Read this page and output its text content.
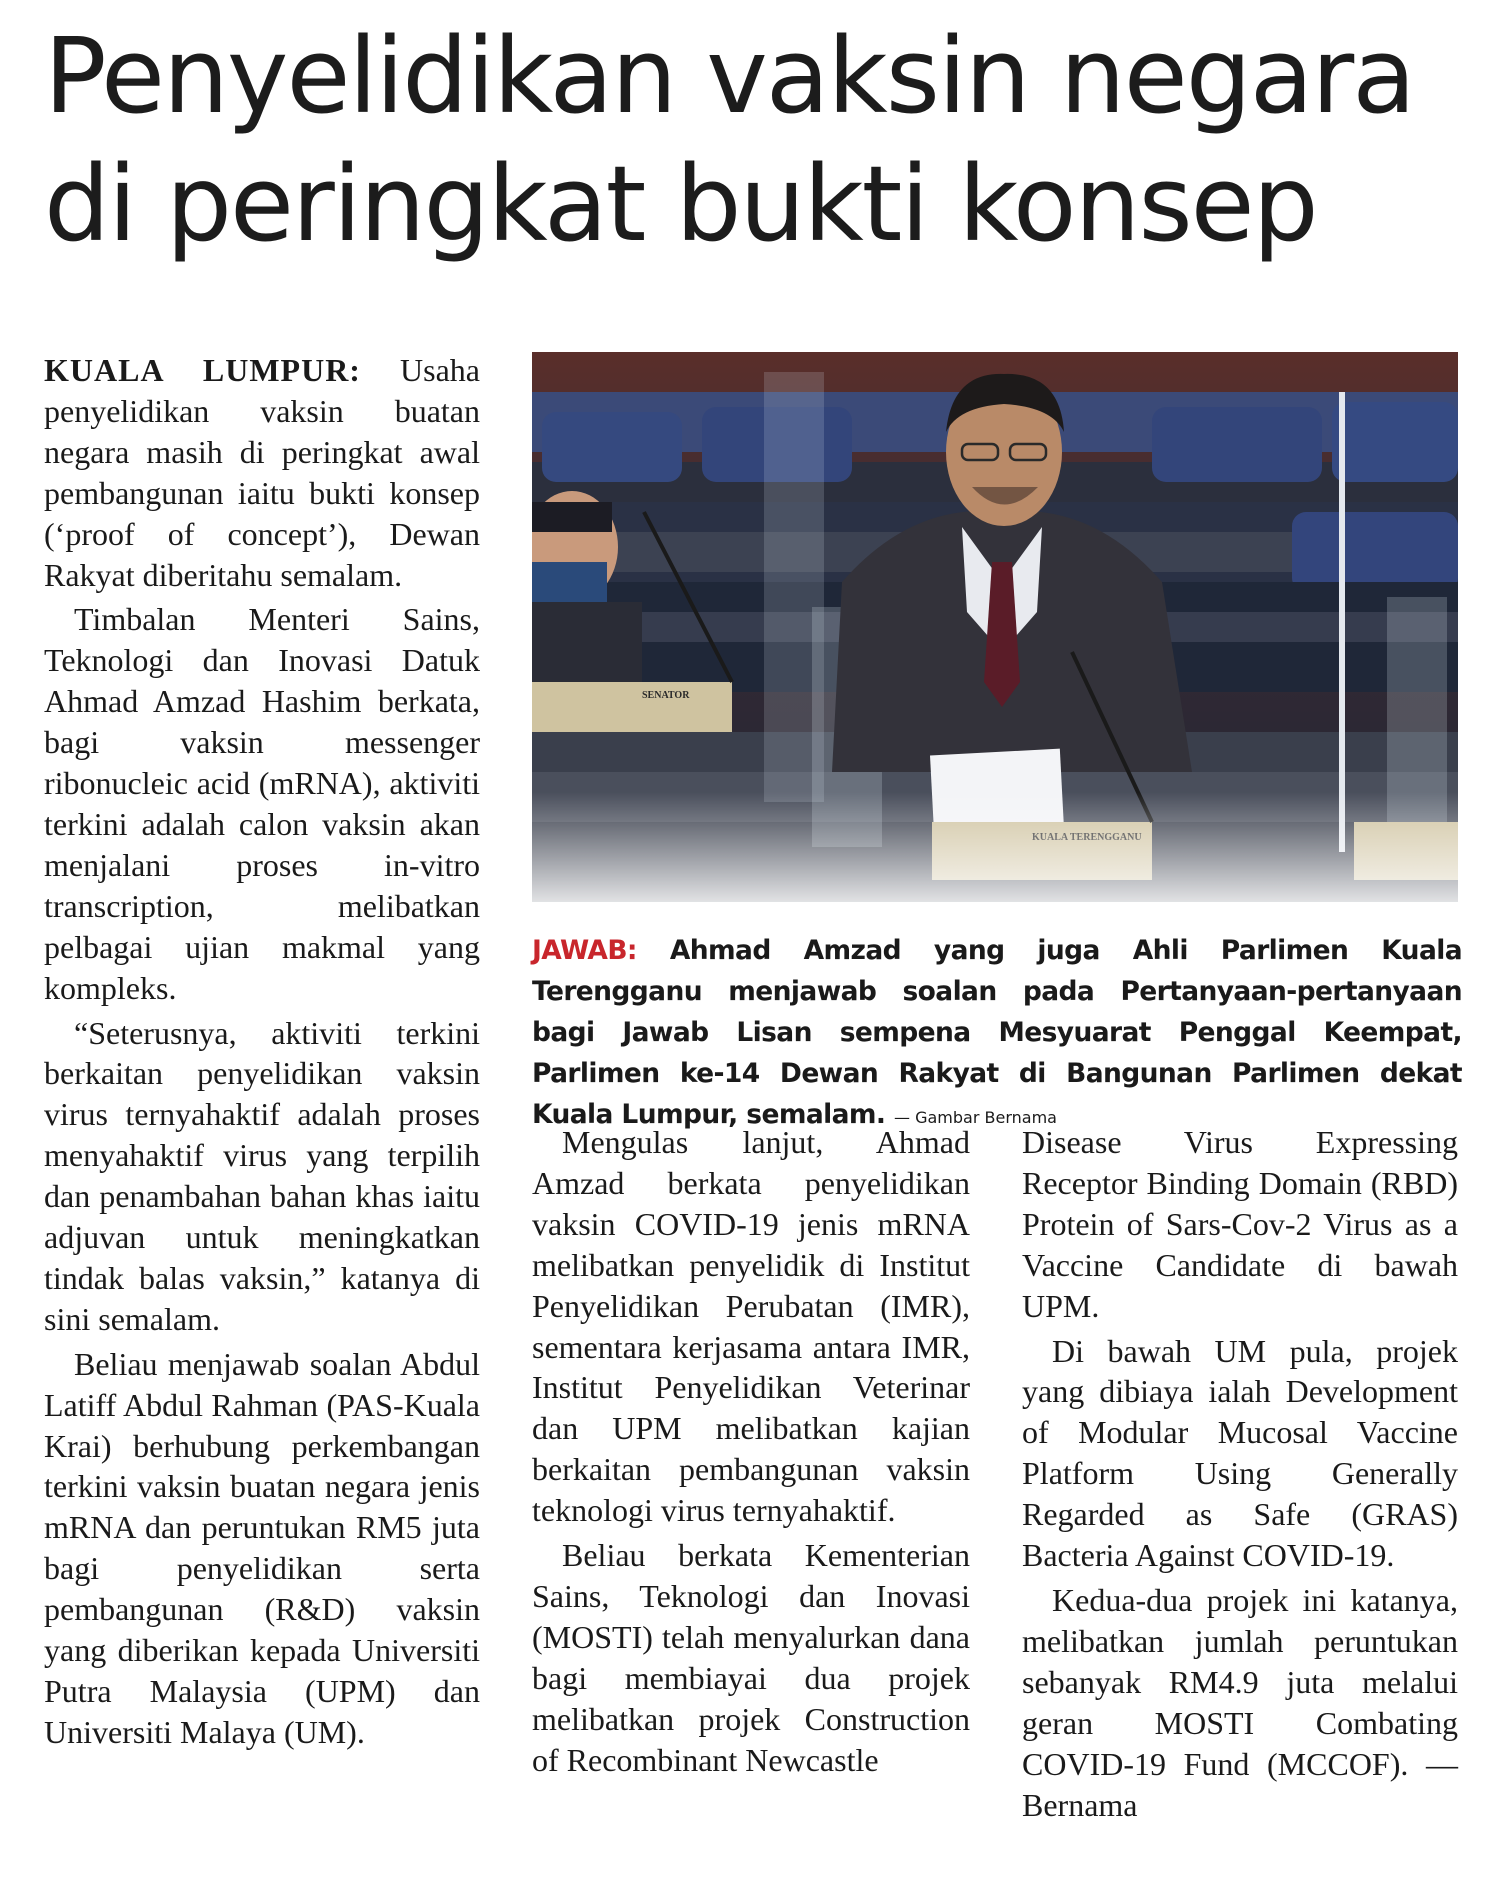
Penyelidikan vaksin negara
di peringkat bukti konsep

KUALA LUMPUR: Usaha penyelidikan vaksin buatan negara masih di peringkat awal pembangunan iaitu bukti konsep (‘proof of concept’), Dewan Rakyat diberitahu semalam.

Timbalan Menteri Sains, Teknologi dan Inovasi Datuk Ahmad Amzad Hashim berkata, bagi vaksin messenger ribonucleic acid (mRNA), aktiviti terkini adalah calon vaksin akan menjalani proses in-vitro transcription, melibatkan pelbagai ujian makmal yang kompleks.

“Seterusnya, aktiviti terkini berkaitan penyelidikan vaksin virus ternyahaktif adalah proses menyahaktif virus yang terpilih dan penambahan bahan khas iaitu adjuvan untuk meningkatkan tindak balas vaksin,” katanya di sini semalam.

Beliau menjawab soalan Abdul Latiff Abdul Rahman (PAS-Kuala Krai) berhubung perkembangan terkini vaksin buatan negara jenis mRNA dan peruntukan RM5 juta bagi penyelidikan serta pembangunan (R&D) vaksin yang diberikan kepada Universiti Putra Malaysia (UPM) dan Universiti Malaya (UM).

SENATOR
JAWAB: Ahmad Amzad yang juga Ahli Parlimen Kuala Terengganu menjawab soalan pada Pertanyaan-pertanyaan bagi Jawab Lisan sempena Mesyuarat Penggal Keempat, Parlimen ke-14 Dewan Rakyat di Bangunan Parlimen dekat Kuala Lumpur, semalam. — Gambar Bernama

Mengulas lanjut, Ahmad Amzad berkata penyelidikan vaksin COVID-19 jenis mRNA melibatkan penyelidik di Institut Penyelidikan Perubatan (IMR), sementara kerjasama antara IMR, Institut Penyelidikan Veterinar dan UPM melibatkan kajian berkaitan pembangunan vaksin teknologi virus ternyahaktif.

Beliau berkata Kementerian Sains, Teknologi dan Inovasi (MOSTI) telah menyalurkan dana bagi membiayai dua projek melibatkan projek Construction of Recombinant Newcastle

Disease Virus Expressing Receptor Binding Domain (RBD) Protein of Sars-Cov-2 Virus as a Vaccine Candidate di bawah UPM.

Di bawah UM pula, projek yang dibiaya ialah Development of Modular Mucosal Vaccine Platform Using Generally Regarded as Safe (GRAS) Bacteria Against COVID-19.

Kedua-dua projek ini katanya, melibatkan jumlah peruntukan sebanyak RM4.9 juta melalui geran MOSTI Combating COVID-19 Fund (MCCOF). — Bernama
